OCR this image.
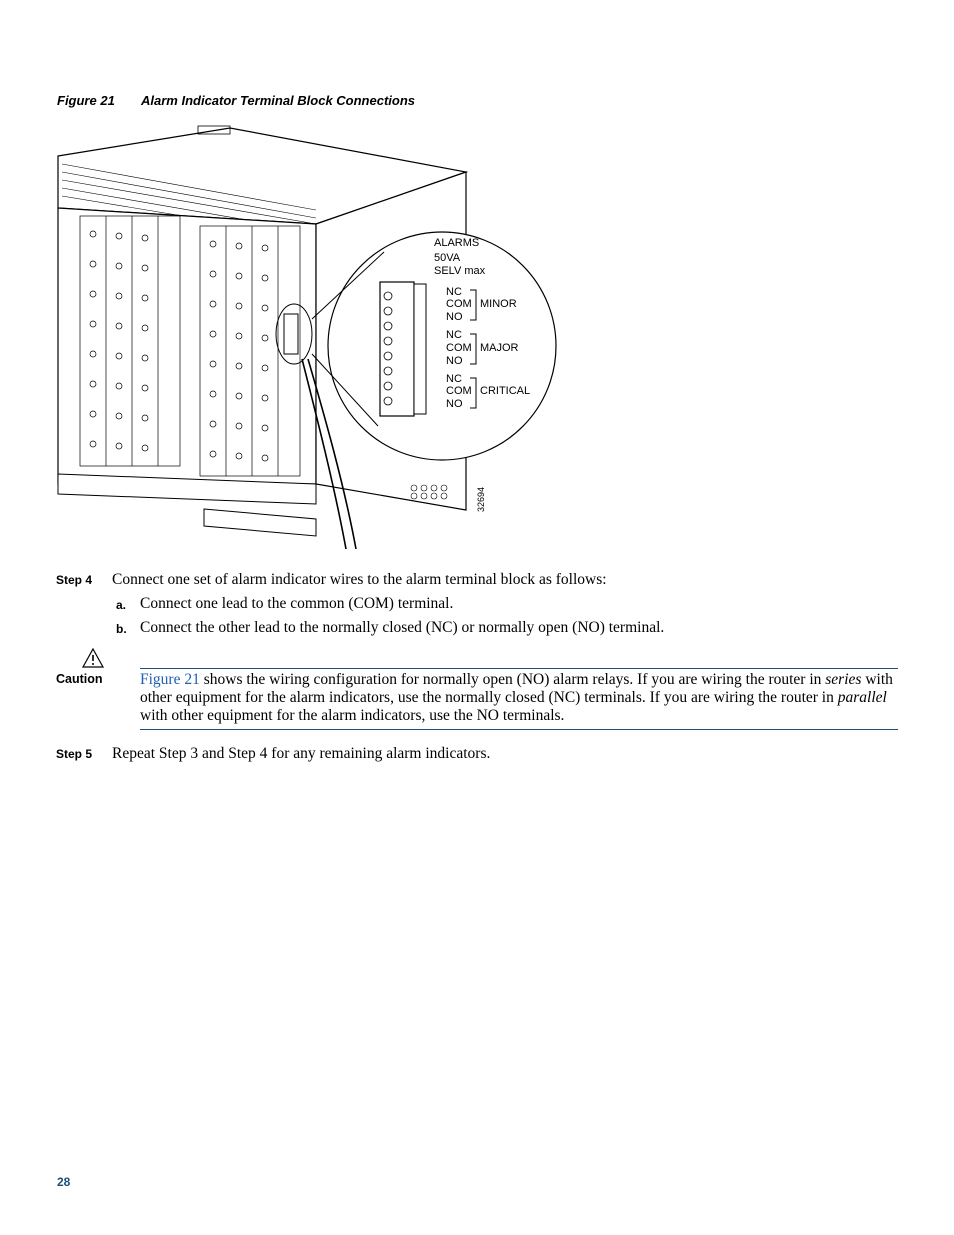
Figure 21 Alarm Indicator Terminal Block Connections
ALARMS
50VA
SELV max
NC
COM
NO
MINOR
NC
COM
NO
MAJOR
NC
COM
NO
CRITICAL
32694
Step 4 Connect one set of alarm indicator wires to the alarm terminal block as follows:
a. Connect one lead to the common (COM) terminal.
b. Connect the other lead to the normally closed (NC) or normally open (NO) terminal.
Caution Figure 21 shows the wiring configuration for normally open (NO) alarm relays. If you are wiring the router in series with other equipment for the alarm indicators, use the normally closed (NC) terminals. If you are wiring the router in parallel with other equipment for the alarm indicators, use the NO terminals.
Step 5 Repeat Step 3 and Step 4 for any remaining alarm indicators.
28
